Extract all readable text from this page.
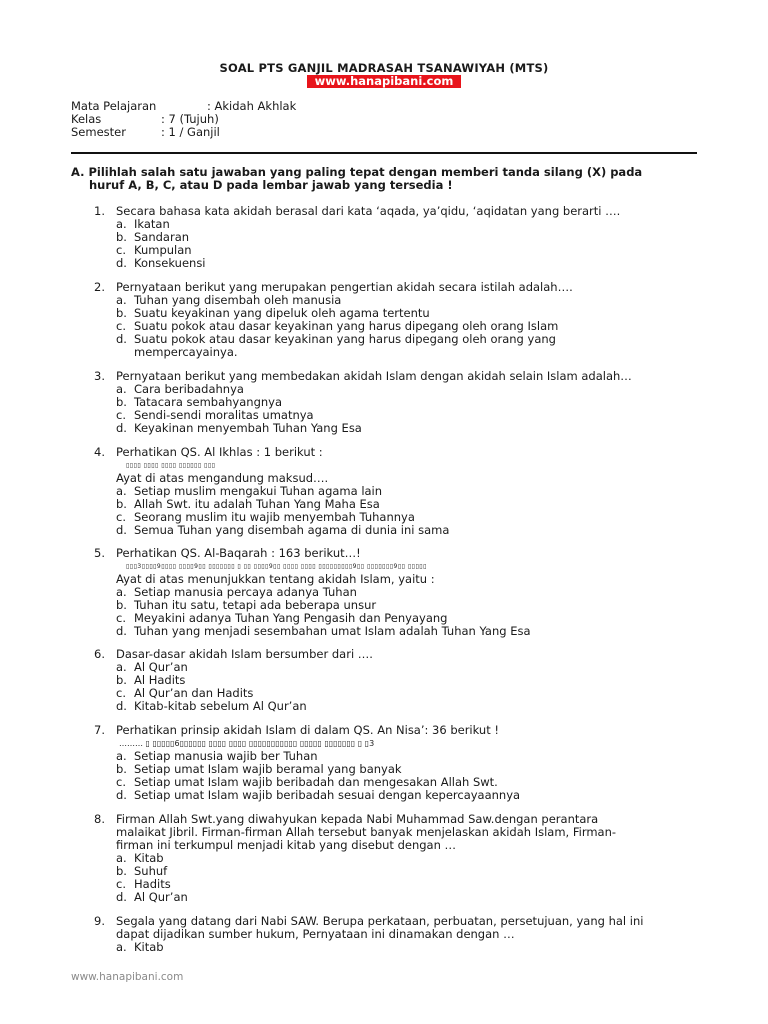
SOAL PTS GANJIL MADRASAH TSANAWIYAH (MTS)
www.hanapibani.com
Mata Pelajaran	: Akidah Akhlak
Kelas	: 7 (Tujuh)
Semester	: 1 / Ganjil
A. Pilihlah salah satu jawaban yang paling tepat dengan memberi tanda silang (X) pada
huruf A, B, C, atau D pada lembar jawab yang tersedia !
1. Secara bahasa kata akidah berasal dari kata ‘aqada, ya’qidu, ‘aqidatan yang berarti ….
a. Ikatan
b. Sandaran
c. Kumpulan
d. Konsekuensi
2. Pernyataan berikut yang merupakan pengertian akidah secara istilah adalah….
a. Tuhan yang disembah oleh manusia
b. Suatu keyakinan yang dipeluk oleh agama tertentu
c. Suatu pokok atau dasar keyakinan yang harus dipegang oleh orang Islam
d. Suatu pokok atau dasar keyakinan yang harus dipegang oleh orang yang
mempercayainya.
3. Pernyataan berikut yang membedakan akidah Islam dengan akidah selain Islam adalah…
a. Cara beribadahnya
b. Tatacara sembahyangnya
c. Sendi-sendi moralitas umatnya
d. Keyakinan menyembah Tuhan Yang Esa
4. Perhatikan QS. Al Ikhlas : 1 berikut :
▯▯▯▯ ▯▯▯▯ ▯▯▯▯ ▯▯▯▯▯▯ ▯▯▯
Ayat di atas mengandung maksud….
a. Setiap muslim mengakui Tuhan agama lain
b. Allah Swt. itu adalah Tuhan Yang Maha Esa
c. Seorang muslim itu wajib menyembah Tuhannya
d. Semua Tuhan yang disembah agama di dunia ini sama
5. Perhatikan QS. Al-Baqarah : 163 berikut…!
▯▯▯3▯▯▯▯9▯▯▯▯ ▯▯▯▯9▯▯ ▯▯▯▯▯▯▯ ▯ ▯▯ ▯▯▯▯9▯▯ ▯▯▯▯ ▯▯▯▯ ▯▯▯▯▯▯▯▯▯9▯▯ ▯▯▯▯▯▯▯9▯▯ ▯▯▯▯▯
Ayat di atas menunjukkan tentang akidah Islam, yaitu :
a. Setiap manusia percaya adanya Tuhan
b. Tuhan itu satu, tetapi ada beberapa unsur
c. Meyakini adanya Tuhan Yang Pengasih dan Penyayang
d. Tuhan yang menjadi sesembahan umat Islam adalah Tuhan Yang Esa
6. Dasar-dasar akidah Islam bersumber dari ….
a. Al Qur’an
b. Al Hadits
c. Al Qur’an dan Hadits
d. Kitab-kitab sebelum Al Qur’an
7. Perhatikan prinsip akidah Islam di dalam QS. An Nisa’: 36 berikut !
……… ▯ ▯▯▯▯▯6▯▯▯▯▯▯ ▯▯▯▯ ▯▯▯▯ ▯▯▯▯▯▯▯▯▯▯▯ ▯▯▯▯▯ ▯▯▯▯▯▯▯ ▯ ▯3
a. Setiap manusia wajib ber Tuhan
b. Setiap umat Islam wajib beramal yang banyak
c. Setiap umat Islam wajib beribadah dan mengesakan Allah Swt.
d. Setiap umat Islam wajib beribadah sesuai dengan kepercayaannya
8. Firman Allah Swt.yang diwahyukan kepada Nabi Muhammad Saw.dengan perantara
malaikat Jibril. Firman-firman Allah tersebut banyak menjelaskan akidah Islam, Firman-
firman ini terkumpul menjadi kitab yang disebut dengan …
a. Kitab
b. Suhuf
c. Hadits
d. Al Qur’an
9. Segala yang datang dari Nabi SAW. Berupa perkataan, perbuatan, persetujuan, yang hal ini
dapat dijadikan sumber hukum, Pernyataan ini dinamakan dengan …
a. Kitab
www.hanapibani.com
